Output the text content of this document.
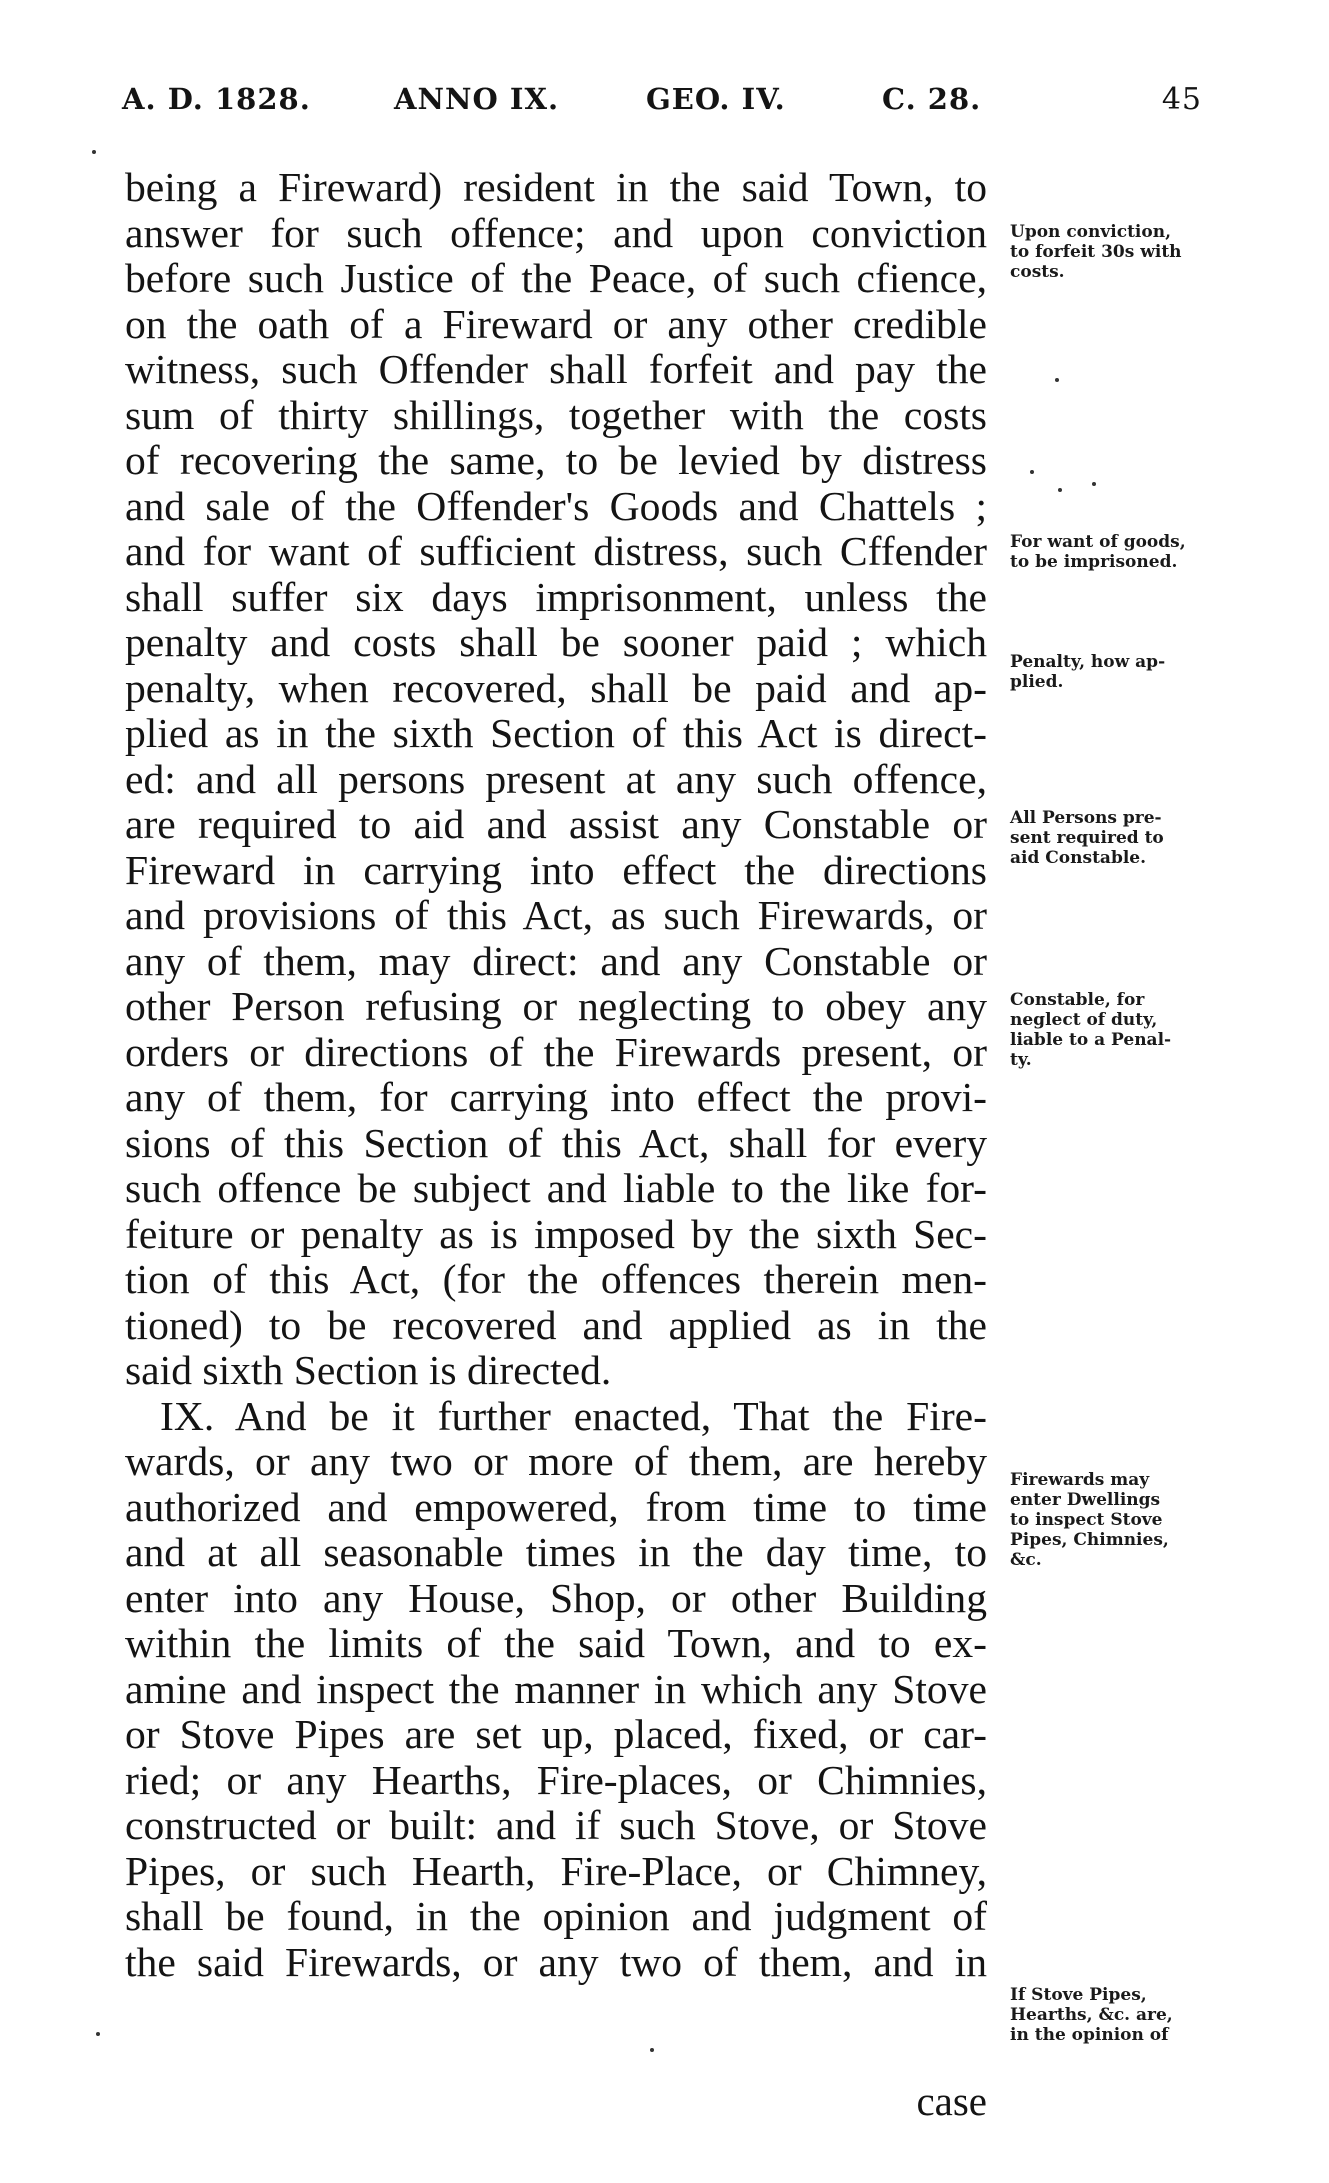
A. D. 1828.	ANNO IX.	GEO. IV.	C. 28.	45
being a Fireward) resident in the said Town, to
answer for such offence; and upon conviction
before such Justice of the Peace, of such cfience,
on the oath of a Fireward or any other credible
witness, such Offender shall forfeit and pay the
sum of thirty shillings, together with the costs
of recovering the same, to be levied by distress
and sale of the Offender's Goods and Chattels ;
and for want of sufficient distress, such Cffender
shall suffer six days imprisonment, unless the
penalty and costs shall be sooner paid ; which
penalty, when recovered, shall be paid and ap-
plied as in the sixth Section of this Act is direct-
ed: and all persons present at any such offence,
are required to aid and assist any Constable or
Fireward in carrying into effect the directions
and provisions of this Act, as such Firewards, or
any of them, may direct: and any Constable or
other Person refusing or neglecting to obey any
orders or directions of the Firewards present, or
any of them, for carrying into effect the provi-
sions of this Section of this Act, shall for every
such offence be subject and liable to the like for-
feiture or penalty as is imposed by the sixth Sec-
tion of this Act, (for the offences therein men-
tioned) to be recovered and applied as in the
said sixth Section is directed.
IX. And be it further enacted, That the Fire-
wards, or any two or more of them, are hereby
authorized and empowered, from time to time
and at all seasonable times in the day time, to
enter into any House, Shop, or other Building
within the limits of the said Town, and to ex-
amine and inspect the manner in which any Stove
or Stove Pipes are set up, placed, fixed, or car-
ried; or any Hearths, Fire-places, or Chimnies,
constructed or built: and if such Stove, or Stove
Pipes, or such Hearth, Fire-Place, or Chimney,
shall be found, in the opinion and judgment of
the said Firewards, or any two of them, and in
case
Upon conviction,
to forfeit 30s with
costs.
For want of goods,
to be imprisoned.
Penalty, how ap-
plied.
All Persons pre-
sent required to
aid Constable.
Constable, for
neglect of duty,
liable to a Penal-
ty.
Firewards may
enter Dwellings
to inspect Stove
Pipes, Chimnies,
&c.
If Stove Pipes,
Hearths, &c. are,
in the opinion of
